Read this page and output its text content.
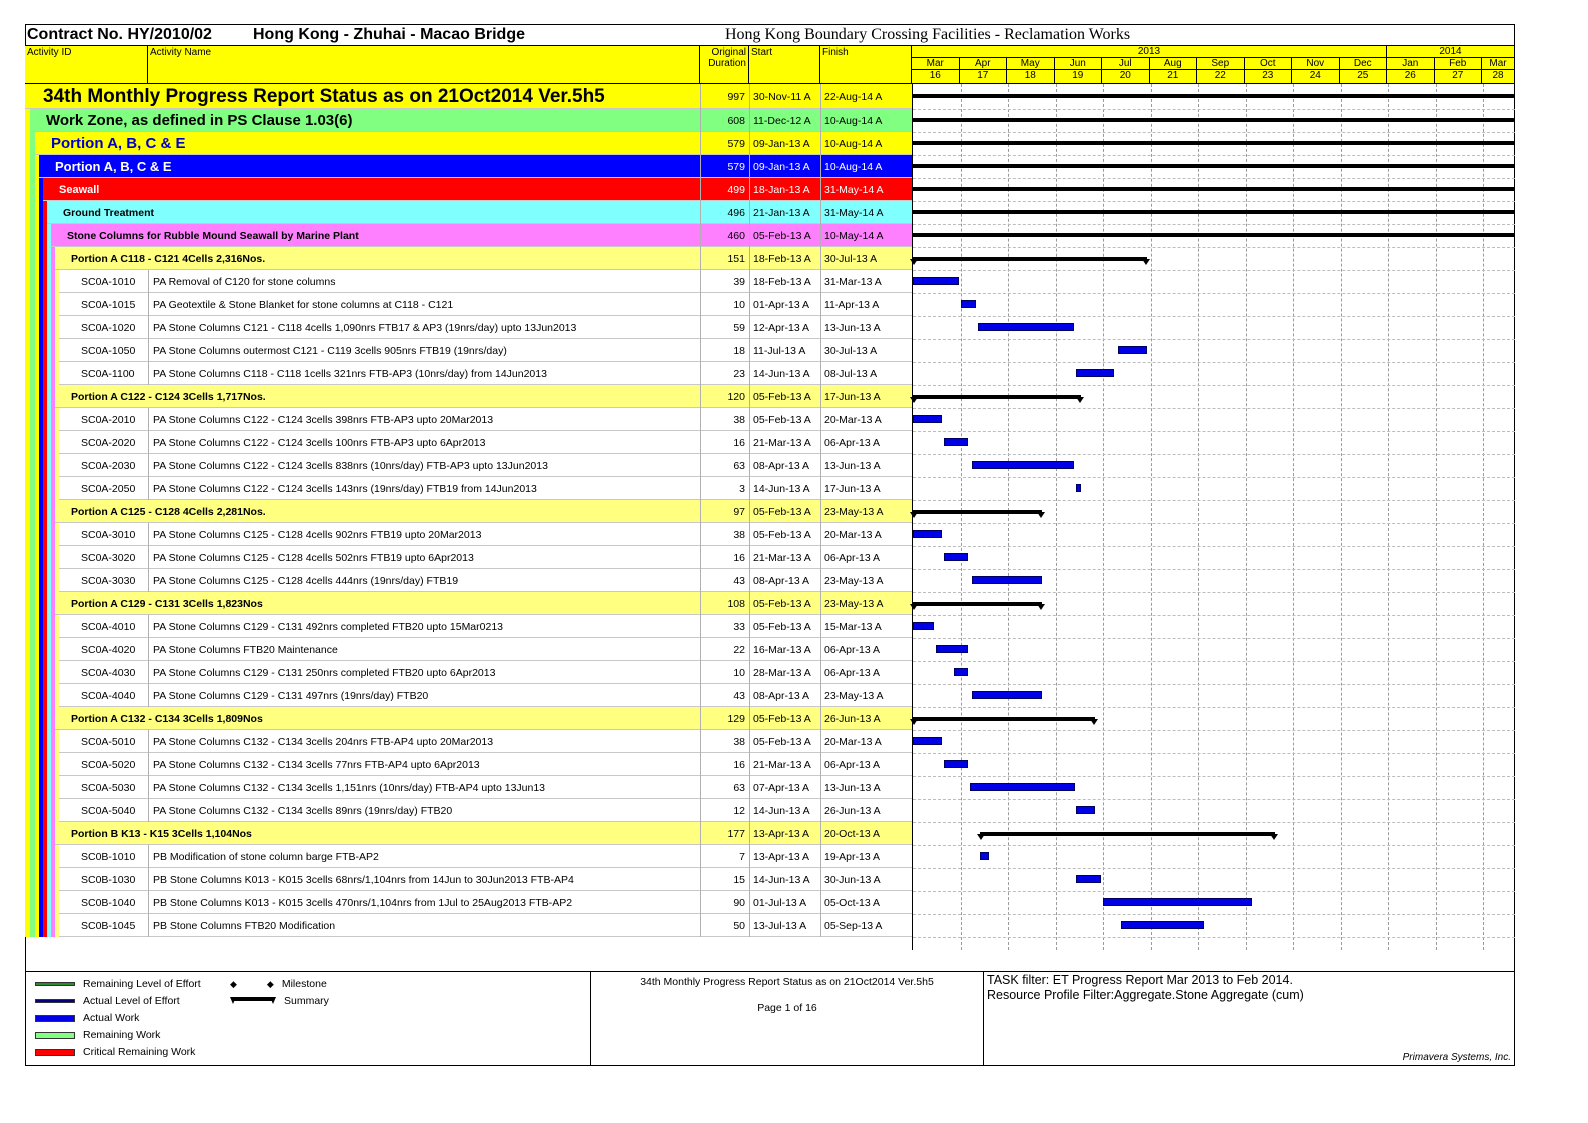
Contract No. HY/2010/02	Hong Kong - Zhuhai - Macao Bridge	Hong Kong Boundary Crossing Facilities - Reclamation Works
Activity ID	Activity Name	Original Duration
Start	Finish	2013	2014
Mar	Apr	May	Jun	Jul	Aug	Sep	Oct	Nov	Dec	Jan	Feb	Mar
16	17	18	19	20	21	22	23	24	25	26	27	28
34th Monthly Progress Report Status as on 21Oct2014 Ver.5h5	997 30-Nov-11 A	22-Aug-14 A
Work Zone, as defined in PS Clause 1.03(6)	608 11-Dec-12 A	10-Aug-14 A
Portion A, B, C & E	579 09-Jan-13 A	10-Aug-14 A
Portion A, B, C & E	579 09-Jan-13 A	10-Aug-14 A
Seawall	499 18-Jan-13 A	31-May-14 A
Ground Treatment	496 21-Jan-13 A	31-May-14 A
Stone Columns for Rubble Mound Seawall by Marine Plant	460 05-Feb-13 A	10-May-14 A
Portion A C118 - C121 4Cells 2,316Nos.	151 18-Feb-13 A	30-Jul-13 A
SC0A-1010	PA Removal of C120 for stone columns	39 18-Feb-13 A	31-Mar-13 A
SC0A-1015	PA Geotextile & Stone Blanket for stone columns at C118 - C121	10 01-Apr-13 A	11-Apr-13 A
SC0A-1020	PA Stone Columns C121 - C118 4cells 1,090nrs FTB17 & AP3 (19nrs/day) upto 13Jun2013	59 12-Apr-13 A	13-Jun-13 A
SC0A-1050	PA Stone Columns outermost C121 - C119 3cells 905nrs FTB19 (19nrs/day)	18 11-Jul-13 A	30-Jul-13 A
SC0A-1100	PA Stone Columns C118 - C118 1cells 321nrs FTB-AP3 (10nrs/day) from 14Jun2013	23 14-Jun-13 A	08-Jul-13 A
Portion A C122 - C124 3Cells 1,717Nos.	120 05-Feb-13 A	17-Jun-13 A
SC0A-2010	PA Stone Columns C122 - C124 3cells 398nrs FTB-AP3 upto 20Mar2013	38 05-Feb-13 A	20-Mar-13 A
SC0A-2020	PA Stone Columns C122 - C124 3cells 100nrs FTB-AP3 upto 6Apr2013	16 21-Mar-13 A	06-Apr-13 A
SC0A-2030	PA Stone Columns C122 - C124 3cells 838nrs (10nrs/day) FTB-AP3 upto 13Jun2013	63 08-Apr-13 A	13-Jun-13 A
SC0A-2050	PA Stone Columns C122 - C124 3cells 143nrs (19nrs/day) FTB19 from 14Jun2013	3 14-Jun-13 A	17-Jun-13 A
Portion A C125 - C128 4Cells 2,281Nos.	97 05-Feb-13 A	23-May-13 A
SC0A-3010	PA Stone Columns C125 - C128 4cells 902nrs FTB19 upto 20Mar2013	38 05-Feb-13 A	20-Mar-13 A
SC0A-3020	PA Stone Columns C125 - C128 4cells 502nrs FTB19 upto 6Apr2013	16 21-Mar-13 A	06-Apr-13 A
SC0A-3030	PA Stone Columns C125 - C128 4cells 444nrs (19nrs/day) FTB19	43 08-Apr-13 A	23-May-13 A
Portion A C129 - C131 3Cells 1,823Nos	108 05-Feb-13 A	23-May-13 A
SC0A-4010	PA Stone Columns C129 - C131 492nrs completed FTB20 upto 15Mar0213	33 05-Feb-13 A	15-Mar-13 A
SC0A-4020	PA Stone Columns FTB20 Maintenance	22 16-Mar-13 A	06-Apr-13 A
SC0A-4030	PA Stone Columns C129 - C131 250nrs completed FTB20 upto 6Apr2013	10 28-Mar-13 A	06-Apr-13 A
SC0A-4040	PA Stone Columns C129 - C131 497nrs (19nrs/day) FTB20	43 08-Apr-13 A	23-May-13 A
Portion A C132 - C134 3Cells 1,809Nos	129 05-Feb-13 A	26-Jun-13 A
SC0A-5010	PA Stone Columns C132 - C134 3cells 204nrs FTB-AP4 upto 20Mar2013	38 05-Feb-13 A	20-Mar-13 A
SC0A-5020	PA Stone Columns C132 - C134 3cells 77nrs FTB-AP4 upto 6Apr2013	16 21-Mar-13 A	06-Apr-13 A
SC0A-5030	PA Stone Columns C132 - C134 3cells 1,151nrs (10nrs/day) FTB-AP4 upto 13Jun13	63 07-Apr-13 A	13-Jun-13 A
SC0A-5040	PA Stone Columns C132 - C134 3cells 89nrs (19nrs/day) FTB20	12 14-Jun-13 A	26-Jun-13 A
Portion B K13 - K15 3Cells 1,104Nos	177 13-Apr-13 A	20-Oct-13 A
SC0B-1010	PB Modification of stone column barge FTB-AP2	7 13-Apr-13 A	19-Apr-13 A
SC0B-1030	PB Stone Columns K013 - K015 3cells 68nrs/1,104nrs from 14Jun to 30Jun2013 FTB-AP4	15 14-Jun-13 A	30-Jun-13 A
SC0B-1040	PB Stone Columns K013 - K015 3cells 470nrs/1,104nrs from 1Jul to 25Aug2013 FTB-AP2	90 01-Jul-13 A	05-Oct-13 A
SC0B-1045	PB Stone Columns FTB20 Modification	50 13-Jul-13 A	05-Sep-13 A
Remaining Level of Effort
Actual Level of Effort
Actual Work
Remaining Work
Critical Remaining Work
◆	◆ Milestone
Summary
34th Monthly Progress Report Status as on 21Oct2014 Ver.5h5
Page 1 of 16
TASK filter: ET Progress Report Mar 2013 to Feb 2014.
Resource Profile Filter:Aggregate.Stone Aggregate (cum)
Primavera Systems, Inc.
